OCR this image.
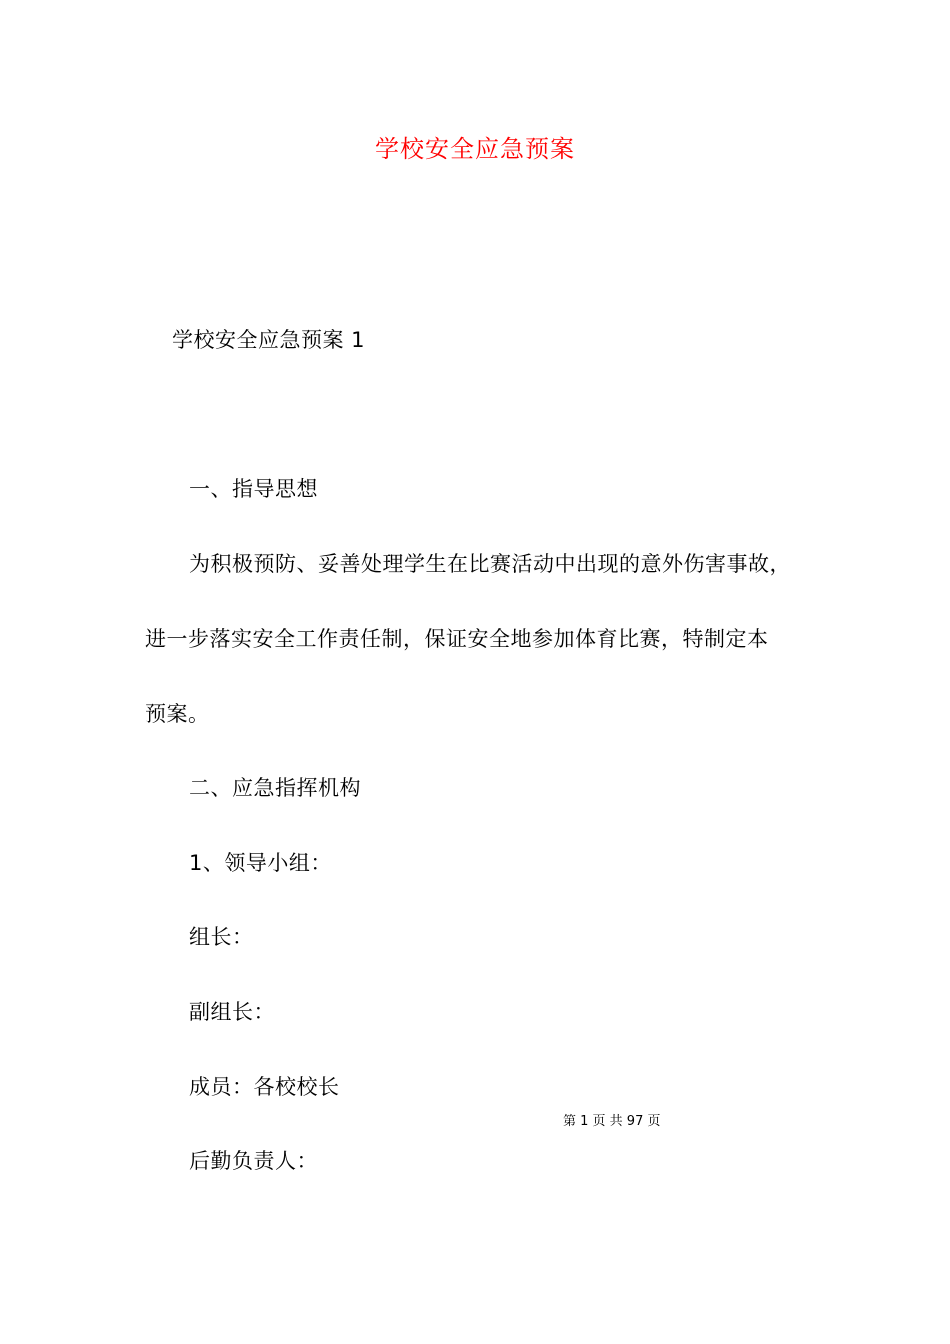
学校安全应急预案
学校安全应急预案 1
一、指导思想
为积极预防、妥善处理学生在比赛活动中出现的意外伤害事故，
进一步落实安全工作责任制，保证安全地参加体育比赛，特制定本
预案。
二、应急指挥机构
1、领导小组：
组长：
副组长：
成员：各校校长
第 1 页 共 97 页
后勤负责人：
